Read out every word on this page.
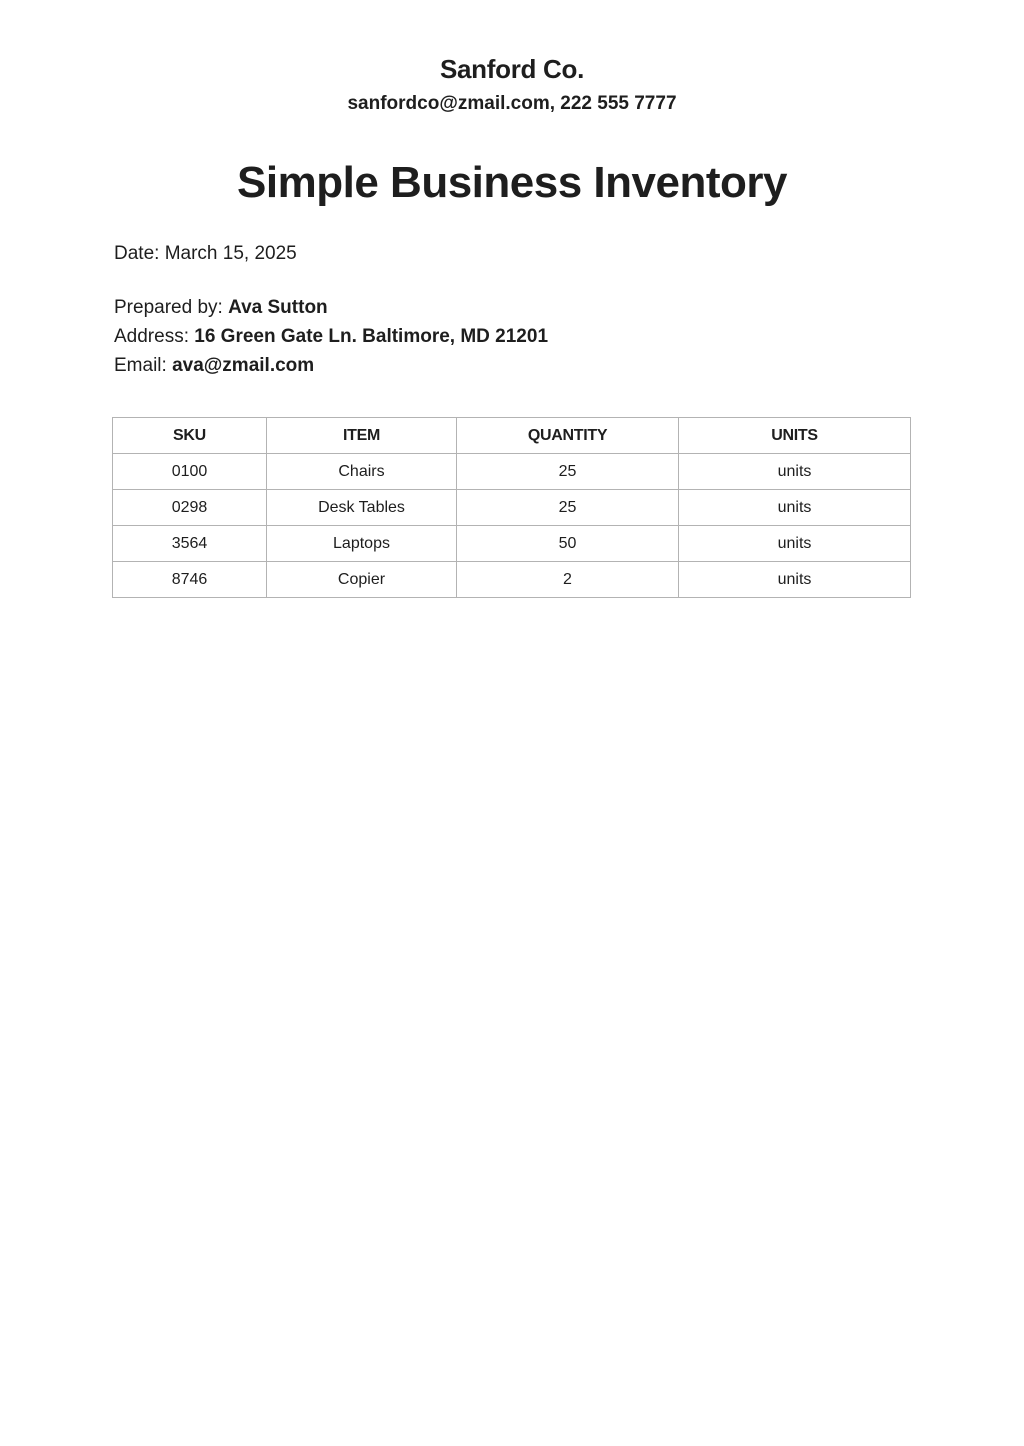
Sanford Co.

sanfordco@zmail.com, 222 555 7777

Simple Business Inventory

Date: March 15, 2025

Prepared by: Ava Sutton

Address: 16 Green Gate Ln. Baltimore, MD 21201

Email: ava@zmail.com

SKU	ITEM	QUANTITY	UNITS
0100	Chairs	25	units
0298	Desk Tables	25	units
3564	Laptops	50	units
8746	Copier	2	units
